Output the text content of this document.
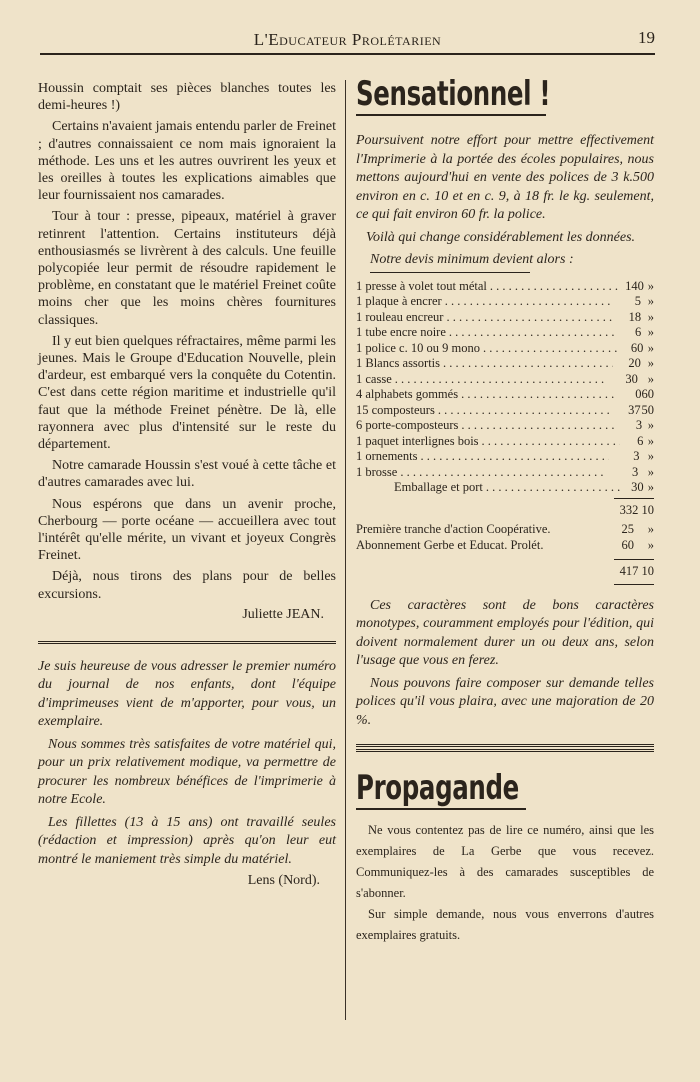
L'Educateur Prolétarien	19

Houssin comptait ses pièces blanches toutes les demi-heures !)

Certains n'avaient jamais entendu parler de Freinet ; d'autres connaissaient ce nom mais ignoraient la méthode. Les uns et les autres ouvrirent les yeux et les oreilles à toutes les explications aimables que leur fournissaient nos camarades.

Tour à tour : presse, pipeaux, matériel à graver retinrent l'attention. Certains instituteurs déjà enthousiasmés se livrèrent à des calculs. Une feuille polycopiée leur permit de résoudre rapidement le problème, en constatant que le matériel Freinet coûte moins cher que les moins chères fournitures classiques.

Il y eut bien quelques réfractaires, même parmi les jeunes. Mais le Groupe d'Education Nouvelle, plein d'ardeur, est embarqué vers la conquête du Cotentin. C'est dans cette région maritime et industrielle qu'il faut que la méthode Freinet pénètre. De là, elle rayonnera avec plus d'intensité sur le reste du département.

Notre camarade Houssin s'est voué à cette tâche et d'autres camarades avec lui.

Nous espérons que dans un avenir proche, Cherbourg — porte océane — accueillera avec tout l'intérêt qu'elle mérite, un vivant et joyeux Congrès Freinet.

Déjà, nous tirons des plans pour de belles excursions.

Juliette JEAN.

Je suis heureuse de vous adresser le premier numéro du journal de nos enfants, dont l'équipe d'imprimeuses vient de m'apporter, pour vous, un exemplaire.

Nous sommes très satisfaites de votre matériel qui, pour un prix relativement modique, va permettre de procurer les nombreux bénéfices de l'imprimerie à notre Ecole.

Les fillettes (13 à 15 ans) ont travaillé seules (rédaction et impression) après qu'on leur eut montré le maniement très simple du matériel.

Lens (Nord).

Sensationnel !

Poursuivent notre effort pour mettre effectivement l'Imprimerie à la portée des écoles populaires, nous mettons aujourd'hui en vente des polices de 3 k.500 environ en c. 10 et en c. 9, à 18 fr. le kg. seulement, ce qui fait environ 60 fr. la police.

Voilà qui change considérablement les données.

Notre devis minimum devient alors :

1 presse à volet tout métal . . .	140 »
1 plaque à encrer . . .	5 »
1 rouleau encreur . . .	18 »
1 tube encre noire . . .	6 »
1 police c. 10 ou 9 mono . . .	60 »
1 Blancs assortis . . .	20 »
1 casse . . .	30 »
4 alphabets gommés . . .	0 60
15 composteurs . . .	37 50
6 porte-composteurs . . .	3 »
1 paquet interlignes bois . . .	6 »
1 ornements . . .	3 »
1 brosse . . .	3 »
Emballage et port . . .	30 »
332 10
Première tranche d'action Coopérative.	25	»
Abonnement Gerbe et Educat. Prolét.	60	»
417 10

Ces caractères sont de bons caractères monotypes, couramment employés pour l'édition, qui doivent normalement durer un ou deux ans, selon l'usage que vous en ferez.

Nous pouvons faire composer sur demande telles polices qu'il vous plaira, avec une majoration de 20 %.

Propagande

Ne vous contentez pas de lire ce numéro, ainsi que les exemplaires de La Gerbe que vous recevez. Communiquez-les à des camarades susceptibles de s'abonner.

Sur simple demande, nous vous enverrons d'autres exemplaires gratuits.
